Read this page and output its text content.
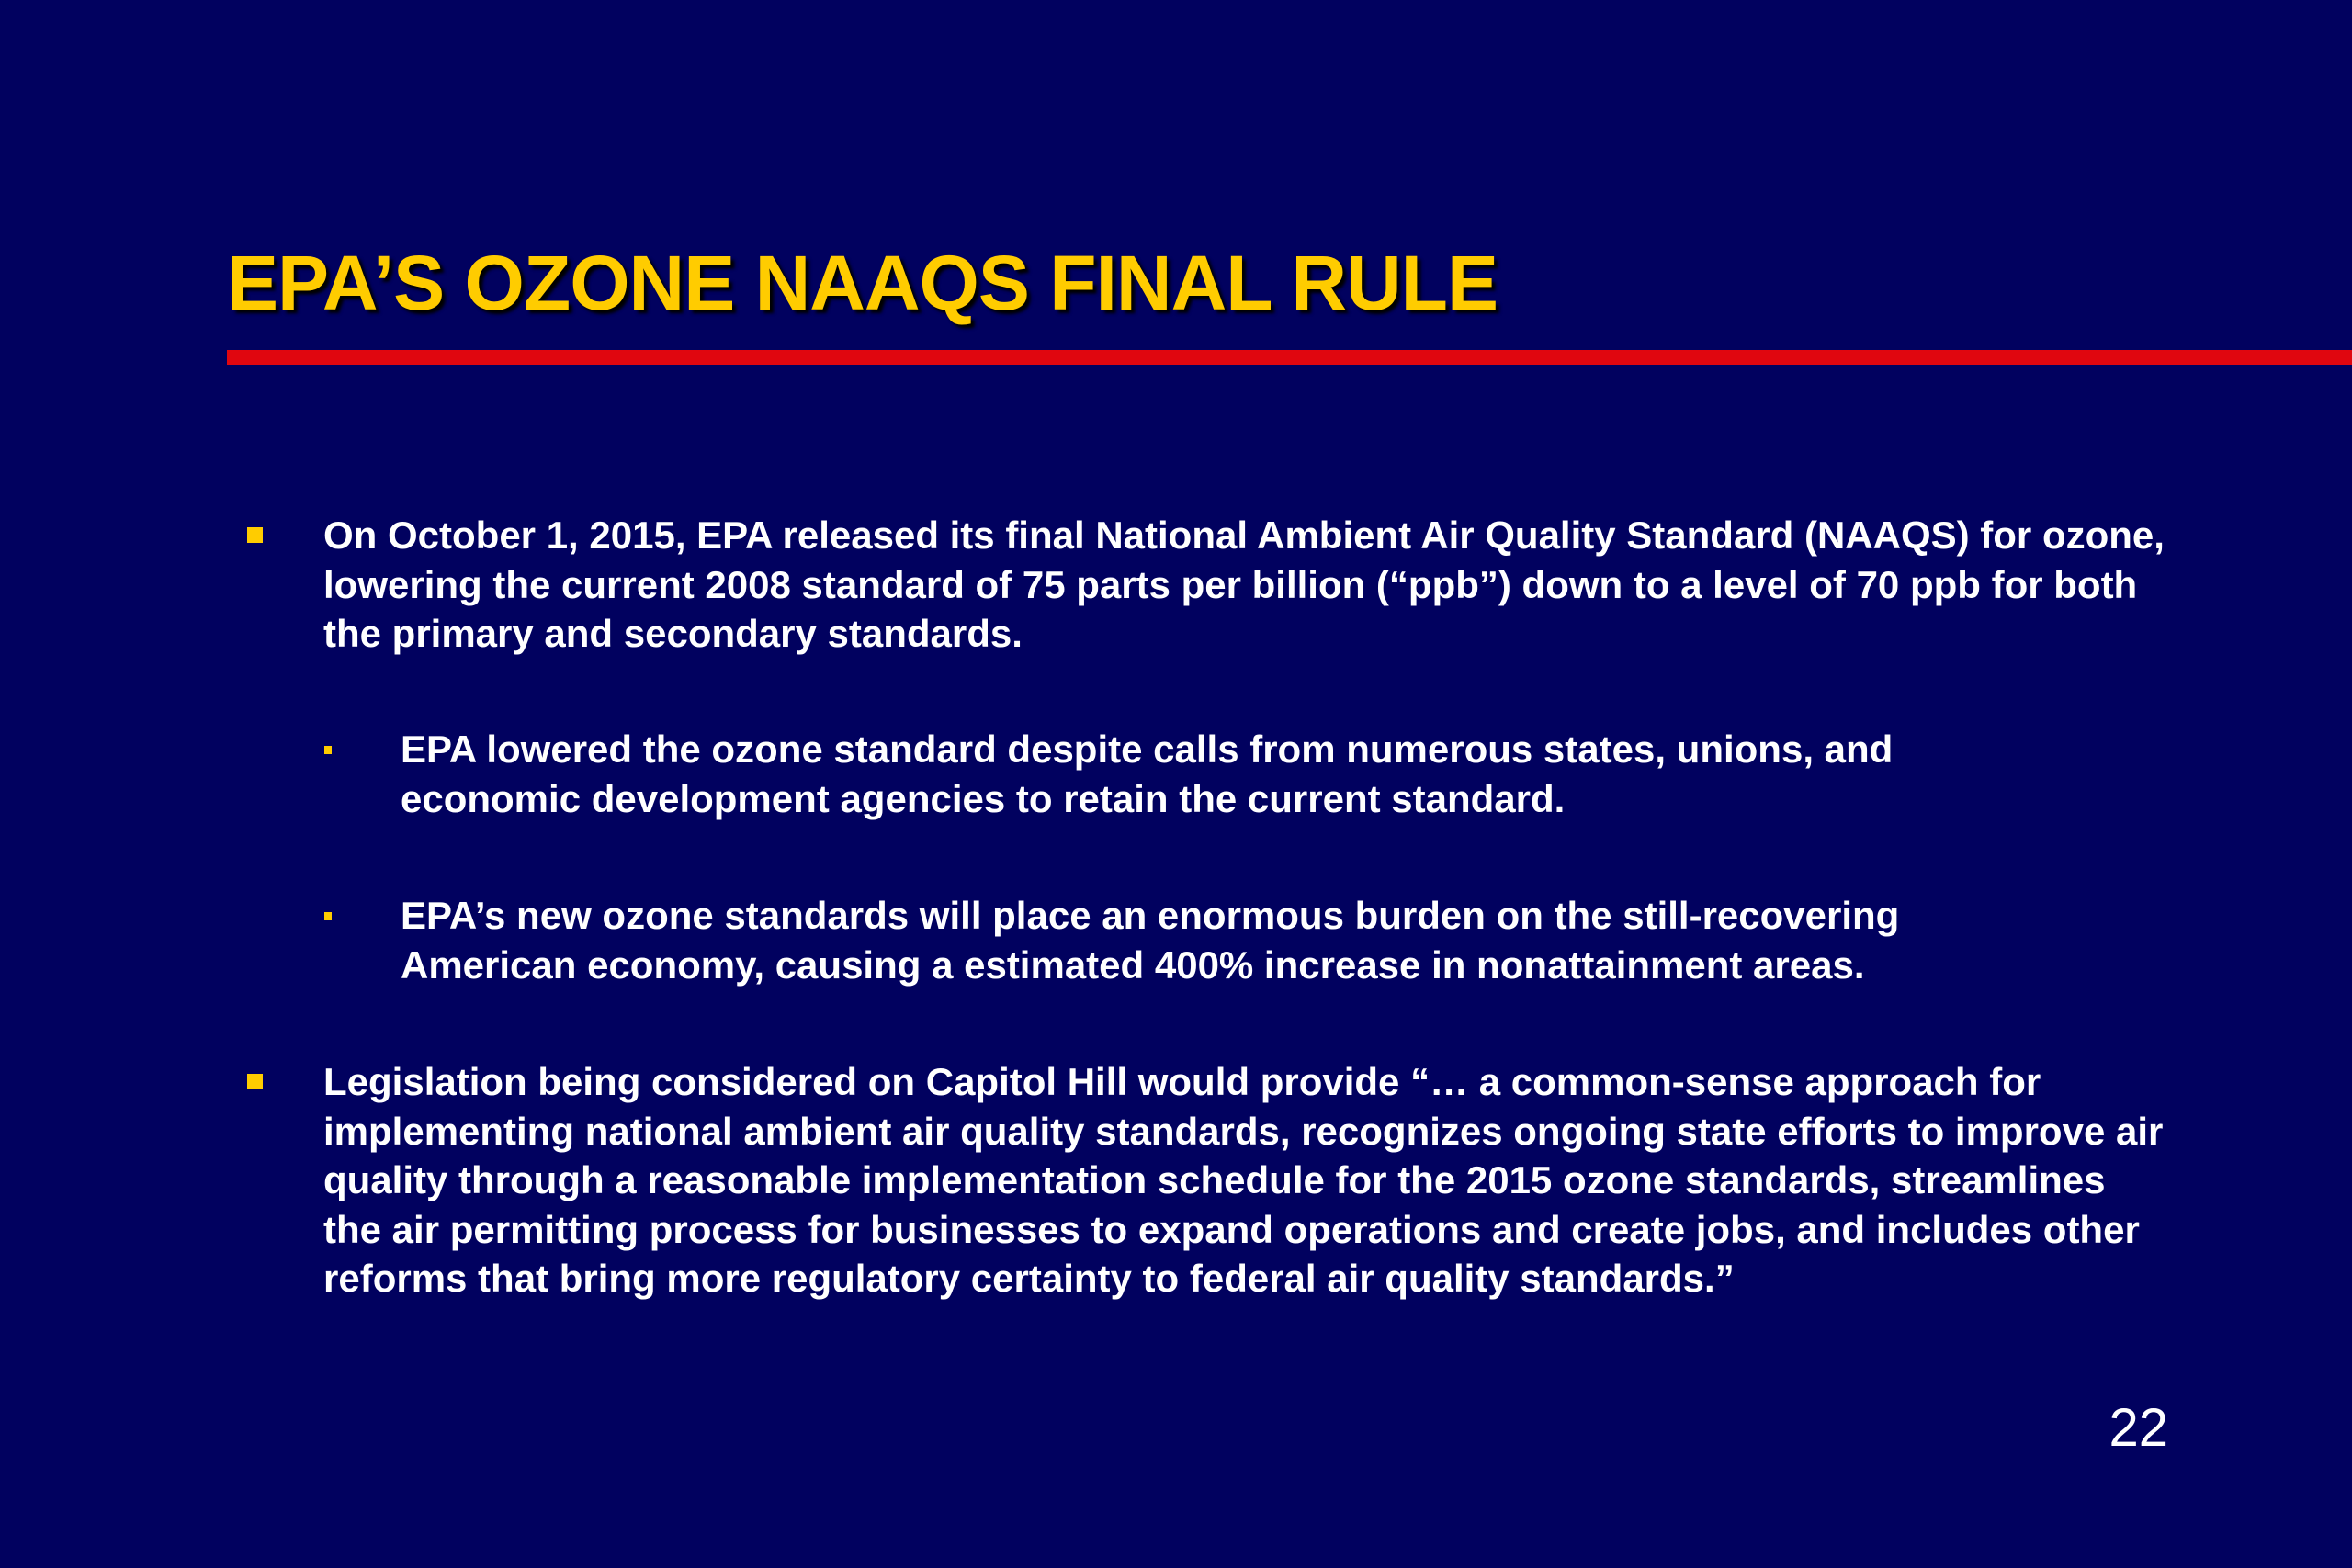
EPA’S OZONE NAAQS FINAL RULE
On October 1, 2015, EPA released its final National Ambient Air Quality Standard (NAAQS) for ozone, lowering the current 2008 standard of 75 parts per billion (“ppb”) down to a level of 70 ppb for both the primary and secondary standards.
EPA lowered the ozone standard despite calls from numerous states, unions, and economic development agencies to retain the current standard.
EPA’s new ozone standards will place an enormous burden on the still-recovering American economy, causing a estimated 400% increase in nonattainment areas.
Legislation being considered on Capitol Hill would provide “… a common-sense approach for implementing national ambient air quality standards, recognizes ongoing state efforts to improve air quality through a reasonable implementation schedule for the 2015 ozone standards, streamlines the air permitting process for businesses to expand operations and create jobs, and includes other reforms that bring more regulatory certainty to federal air quality standards.”
22
